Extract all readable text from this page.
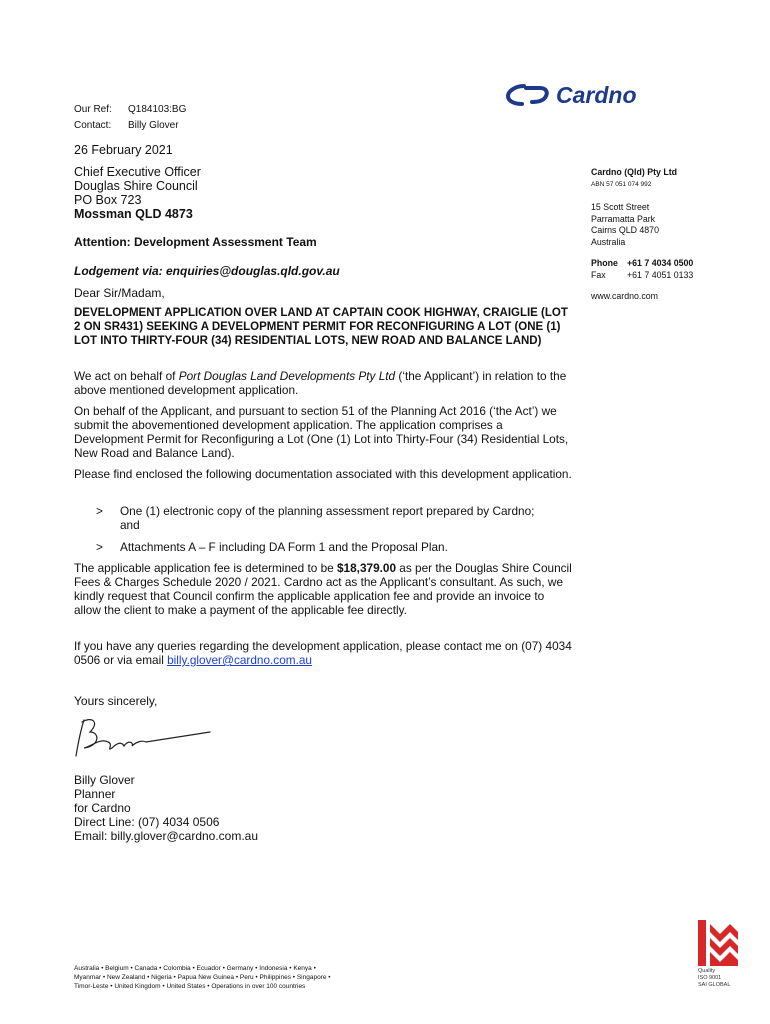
Our Ref: Q184103:BG
Contact: Billy Glover
Cardno
26 February 2021
Chief Executive Officer
Douglas Shire Council
PO Box 723
Mossman QLD 4873
Attention: Development Assessment Team
Lodgement via: enquiries@douglas.qld.gov.au
Dear Sir/Madam,
DEVELOPMENT APPLICATION OVER LAND AT CAPTAIN COOK HIGHWAY, CRAIGLIE (LOT 2 ON SR431) SEEKING A DEVELOPMENT PERMIT FOR RECONFIGURING A LOT (ONE (1) LOT INTO THIRTY-FOUR (34) RESIDENTIAL LOTS, NEW ROAD AND BALANCE LAND)
We act on behalf of Port Douglas Land Developments Pty Ltd (‘the Applicant’) in relation to the above mentioned development application.
On behalf of the Applicant, and pursuant to section 51 of the Planning Act 2016 (‘the Act’) we submit the abovementioned development application. The application comprises a Development Permit for Reconfiguring a Lot (One (1) Lot into Thirty-Four (34) Residential Lots, New Road and Balance Land).
Please find enclosed the following documentation associated with this development application.
> One (1) electronic copy of the planning assessment report prepared by Cardno; and
> Attachments A – F including DA Form 1 and the Proposal Plan.
The applicable application fee is determined to be $18,379.00 as per the Douglas Shire Council Fees & Charges Schedule 2020 / 2021. Cardno act as the Applicant’s consultant. As such, we kindly request that Council confirm the applicable application fee and provide an invoice to allow the client to make a payment of the applicable fee directly.
If you have any queries regarding the development application, please contact me on (07) 4034 0506 or via email billy.glover@cardno.com.au
Yours sincerely,
Billy Glover
Planner
for Cardno
Direct Line: (07) 4034 0506
Email: billy.glover@cardno.com.au
Cardno (Qld) Pty Ltd
ABN 57 051 074 992
15 Scott Street
Parramatta Park
Cairns QLD 4870
Australia
Phone +61 7 4034 0500
Fax +61 7 4051 0133
www.cardno.com
Australia • Belgium • Canada • Colombia • Ecuador • Germany • Indonesia • Kenya •
Myanmar • New Zealand • Nigeria • Papua New Guinea • Peru • Philippines • Singapore •
Timor-Leste • United Kingdom • United States • Operations in over 100 countries
Quality
ISO 9001
SAI GLOBAL
